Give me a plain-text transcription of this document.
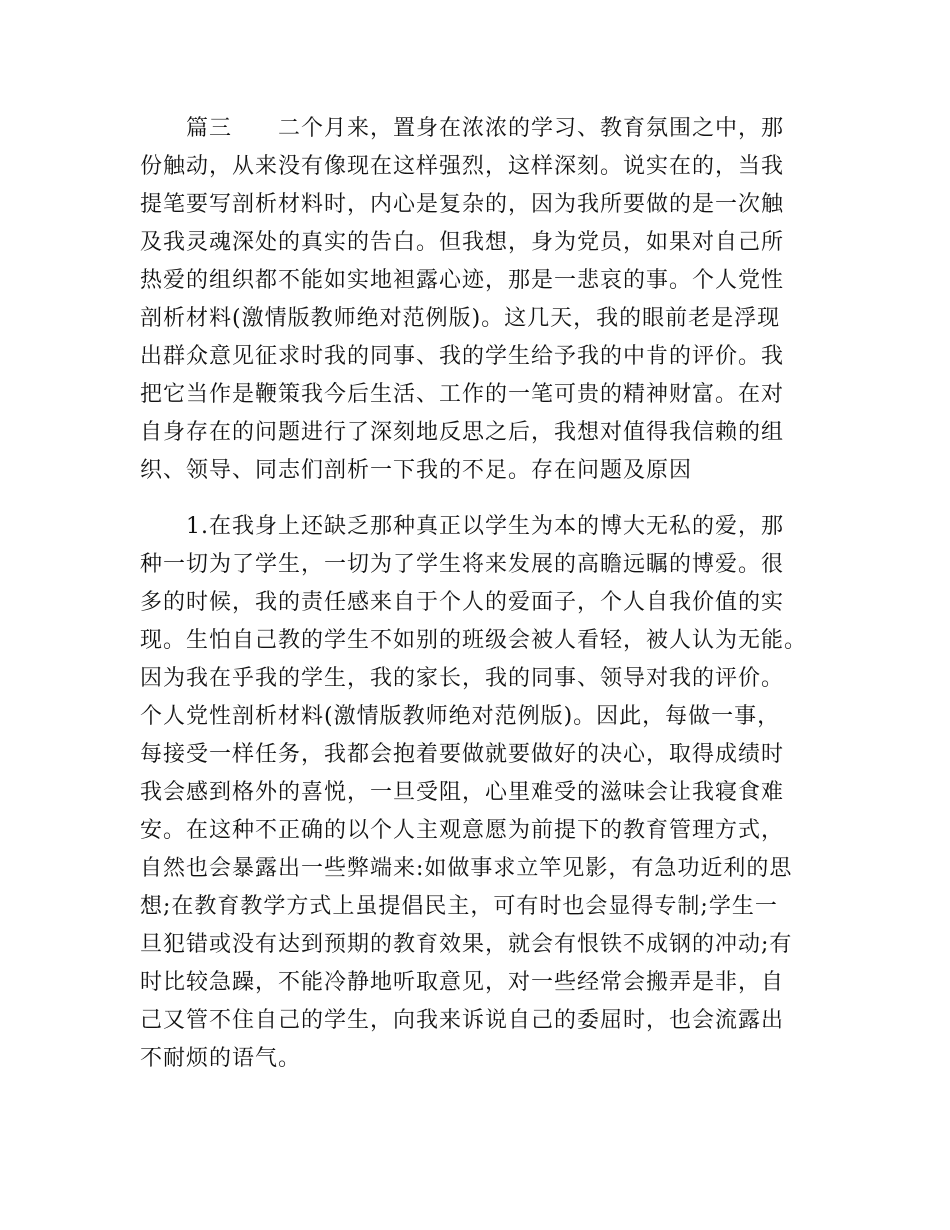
　　篇三　　二个月来，置身在浓浓的学习、教育氛围之中，那
份触动，从来没有像现在这样强烈，这样深刻。说实在的，当我
提笔要写剖析材料时，内心是复杂的，因为我所要做的是一次触
及我灵魂深处的真实的告白。但我想，身为党员，如果对自己所
热爱的组织都不能如实地袒露心迹，那是一悲哀的事。个人党性
剖析材料(激情版教师绝对范例版)。这几天，我的眼前老是浮现
出群众意见征求时我的同事、我的学生给予我的中肯的评价。我
把它当作是鞭策我今后生活、工作的一笔可贵的精神财富。在对
自身存在的问题进行了深刻地反思之后，我想对值得我信赖的组
织、领导、同志们剖析一下我的不足。存在问题及原因
　　1.在我身上还缺乏那种真正以学生为本的博大无私的爱，那
种一切为了学生，一切为了学生将来发展的高瞻远瞩的博爱。很
多的时候，我的责任感来自于个人的爱面子，个人自我价值的实
现。生怕自己教的学生不如别的班级会被人看轻，被人认为无能。
因为我在乎我的学生，我的家长，我的同事、领导对我的评价。
个人党性剖析材料(激情版教师绝对范例版)。因此，每做一事，
每接受一样任务，我都会抱着要做就要做好的决心，取得成绩时
我会感到格外的喜悦，一旦受阻，心里难受的滋味会让我寝食难
安。在这种不正确的以个人主观意愿为前提下的教育管理方式，
自然也会暴露出一些弊端来:如做事求立竿见影，有急功近利的思
想;在教育教学方式上虽提倡民主，可有时也会显得专制;学生一
旦犯错或没有达到预期的教育效果，就会有恨铁不成钢的冲动;有
时比较急躁，不能冷静地听取意见，对一些经常会搬弄是非，自
己又管不住自己的学生，向我来诉说自己的委屈时，也会流露出
不耐烦的语气。
